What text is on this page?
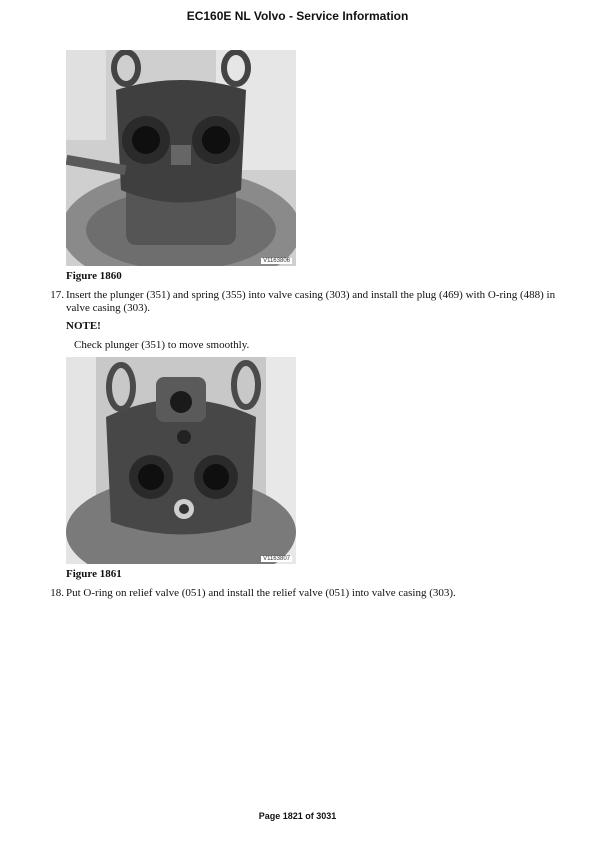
EC160E NL Volvo - Service Information
V1163806
Figure 1860
17. Insert the plunger (351) and spring (355) into valve casing (303) and install the plug (469) with O-ring (488) in valve casing (303).
NOTE!
Check plunger (351) to move smoothly.
V1163807
Figure 1861
18. Put O-ring on relief valve (051) and install the relief valve (051) into valve casing (303).
Page 1821 of 3031
